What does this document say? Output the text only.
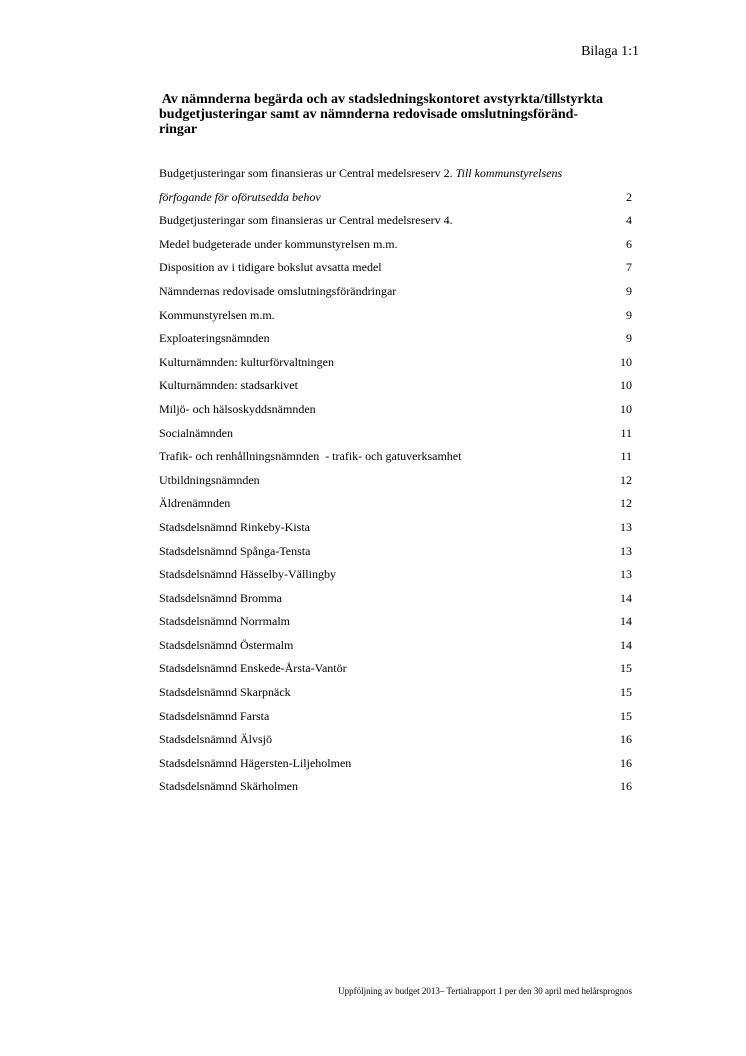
Bilaga 1:1
Av nämnderna begärda och av stadsledningskontoret avstyrkta/tillstyrkta
budgetjusteringar samt av nämnderna redovisade omslutningsföränd-
ringar
Budgetjusteringar som finansieras ur Central medelsreserv 2. Till kommunstyrelsens
förfogande för oförutsedda behov	2
Budgetjusteringar som finansieras ur Central medelsreserv 4.	4
Medel budgeterade under kommunstyrelsen m.m.	6
Disposition av i tidigare bokslut avsatta medel	7
Nämndernas redovisade omslutningsförändringar	9
Kommunstyrelsen m.m.	9
Exploateringsnämnden	9
Kulturnämnden: kulturförvaltningen	10
Kulturnämnden: stadsarkivet	10
Miljö- och hälsoskyddsnämnden	10
Socialnämnden	11
Trafik- och renhållningsnämnden  - trafik- och gatuverksamhet	11
Utbildningsnämnden	12
Äldrenämnden	12
Stadsdelsnämnd Rinkeby-Kista	13
Stadsdelsnämnd Spånga-Tensta	13
Stadsdelsnämnd Hässelby-Vällingby	13
Stadsdelsnämnd Bromma	14
Stadsdelsnämnd Norrmalm	14
Stadsdelsnämnd Östermalm	14
Stadsdelsnämnd Enskede-Årsta-Vantör	15
Stadsdelsnämnd Skarpnäck	15
Stadsdelsnämnd Farsta	15
Stadsdelsnämnd Älvsjö	16
Stadsdelsnämnd Hägersten-Liljeholmen	16
Stadsdelsnämnd Skärholmen	16
Uppföljning av budget 2013– Tertialrapport 1 per den 30 april med helårsprognos
